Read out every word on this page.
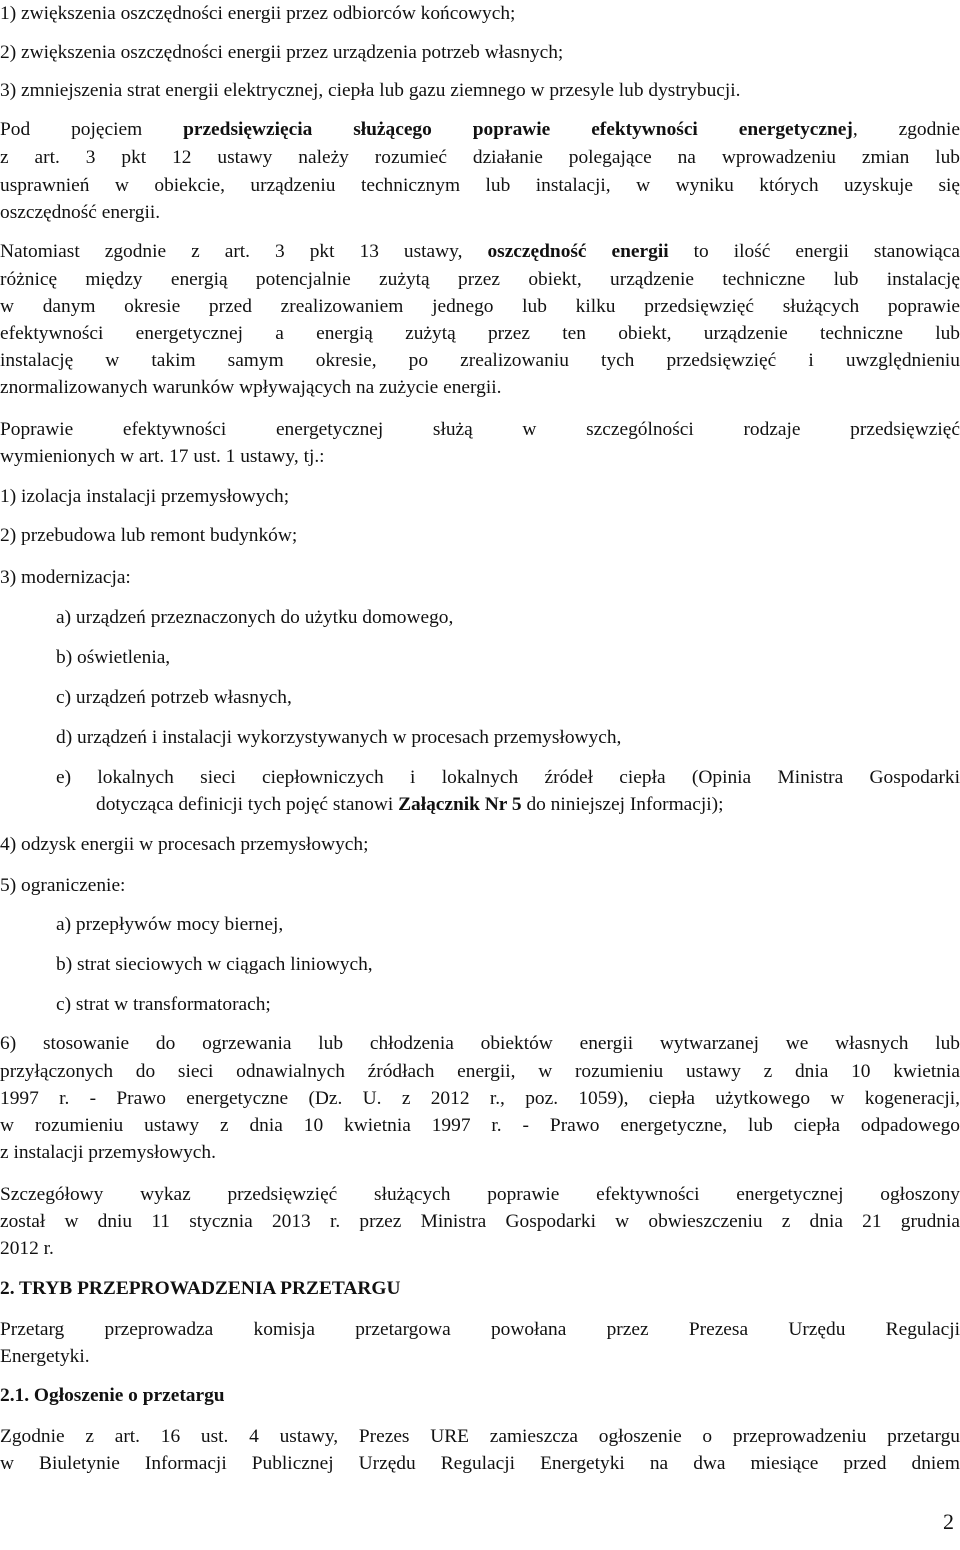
1) zwiększenia oszczędności energii przez odbiorców końcowych;
2) zwiększenia oszczędności energii przez urządzenia potrzeb własnych;
3) zmniejszenia strat energii elektrycznej, ciepła lub gazu ziemnego w przesyle lub dystrybucji.
Pod pojęciem przedsięwzięcia służącego poprawie efektywności energetycznej, zgodnie
z art. 3 pkt 12 ustawy należy rozumieć działanie polegające na wprowadzeniu zmian lub
usprawnień w obiekcie, urządzeniu technicznym lub instalacji, w wyniku których uzyskuje się
oszczędność energii.
Natomiast zgodnie z art. 3 pkt 13 ustawy, oszczędność energii to ilość energii stanowiąca
różnicę między energią potencjalnie zużytą przez obiekt, urządzenie techniczne lub instalację
w danym okresie przed zrealizowaniem jednego lub kilku przedsięwzięć służących poprawie
efektywności energetycznej a energią zużytą przez ten obiekt, urządzenie techniczne lub
instalację w takim samym okresie, po zrealizowaniu tych przedsięwzięć i uwzględnieniu
znormalizowanych warunków wpływających na zużycie energii.
Poprawie efektywności energetycznej służą w szczególności rodzaje przedsięwzięć
wymienionych w art. 17 ust. 1 ustawy, tj.:
1) izolacja instalacji przemysłowych;
2) przebudowa lub remont budynków;
3) modernizacja:
a) urządzeń przeznaczonych do użytku domowego,
b) oświetlenia,
c) urządzeń potrzeb własnych,
d) urządzeń i instalacji wykorzystywanych w procesach przemysłowych,
e) lokalnych sieci ciepłowniczych i lokalnych źródeł ciepła (Opinia Ministra Gospodarki
dotycząca definicji tych pojęć stanowi Załącznik Nr 5 do niniejszej Informacji);
4) odzysk energii w procesach przemysłowych;
5) ograniczenie:
a) przepływów mocy biernej,
b) strat sieciowych w ciągach liniowych,
c) strat w transformatorach;
6) stosowanie do ogrzewania lub chłodzenia obiektów energii wytwarzanej we własnych lub
przyłączonych do sieci odnawialnych źródłach energii, w rozumieniu ustawy z dnia 10 kwietnia
1997 r. - Prawo energetyczne (Dz. U. z 2012 r., poz. 1059), ciepła użytkowego w kogeneracji,
w rozumieniu ustawy z dnia 10 kwietnia 1997 r. - Prawo energetyczne, lub ciepła odpadowego
z instalacji przemysłowych.
Szczegółowy wykaz przedsięwzięć służących poprawie efektywności energetycznej ogłoszony
został w dniu 11 stycznia 2013 r. przez Ministra Gospodarki w obwieszczeniu z dnia 21 grudnia
2012 r.
2. TRYB PRZEPROWADZENIA PRZETARGU
Przetarg przeprowadza komisja przetargowa powołana przez Prezesa Urzędu Regulacji
Energetyki.
2.1. Ogłoszenie o przetargu
Zgodnie z art. 16 ust. 4 ustawy, Prezes URE zamieszcza ogłoszenie o przeprowadzeniu przetargu
w Biuletynie Informacji Publicznej Urzędu Regulacji Energetyki na dwa miesiące przed dniem
2
